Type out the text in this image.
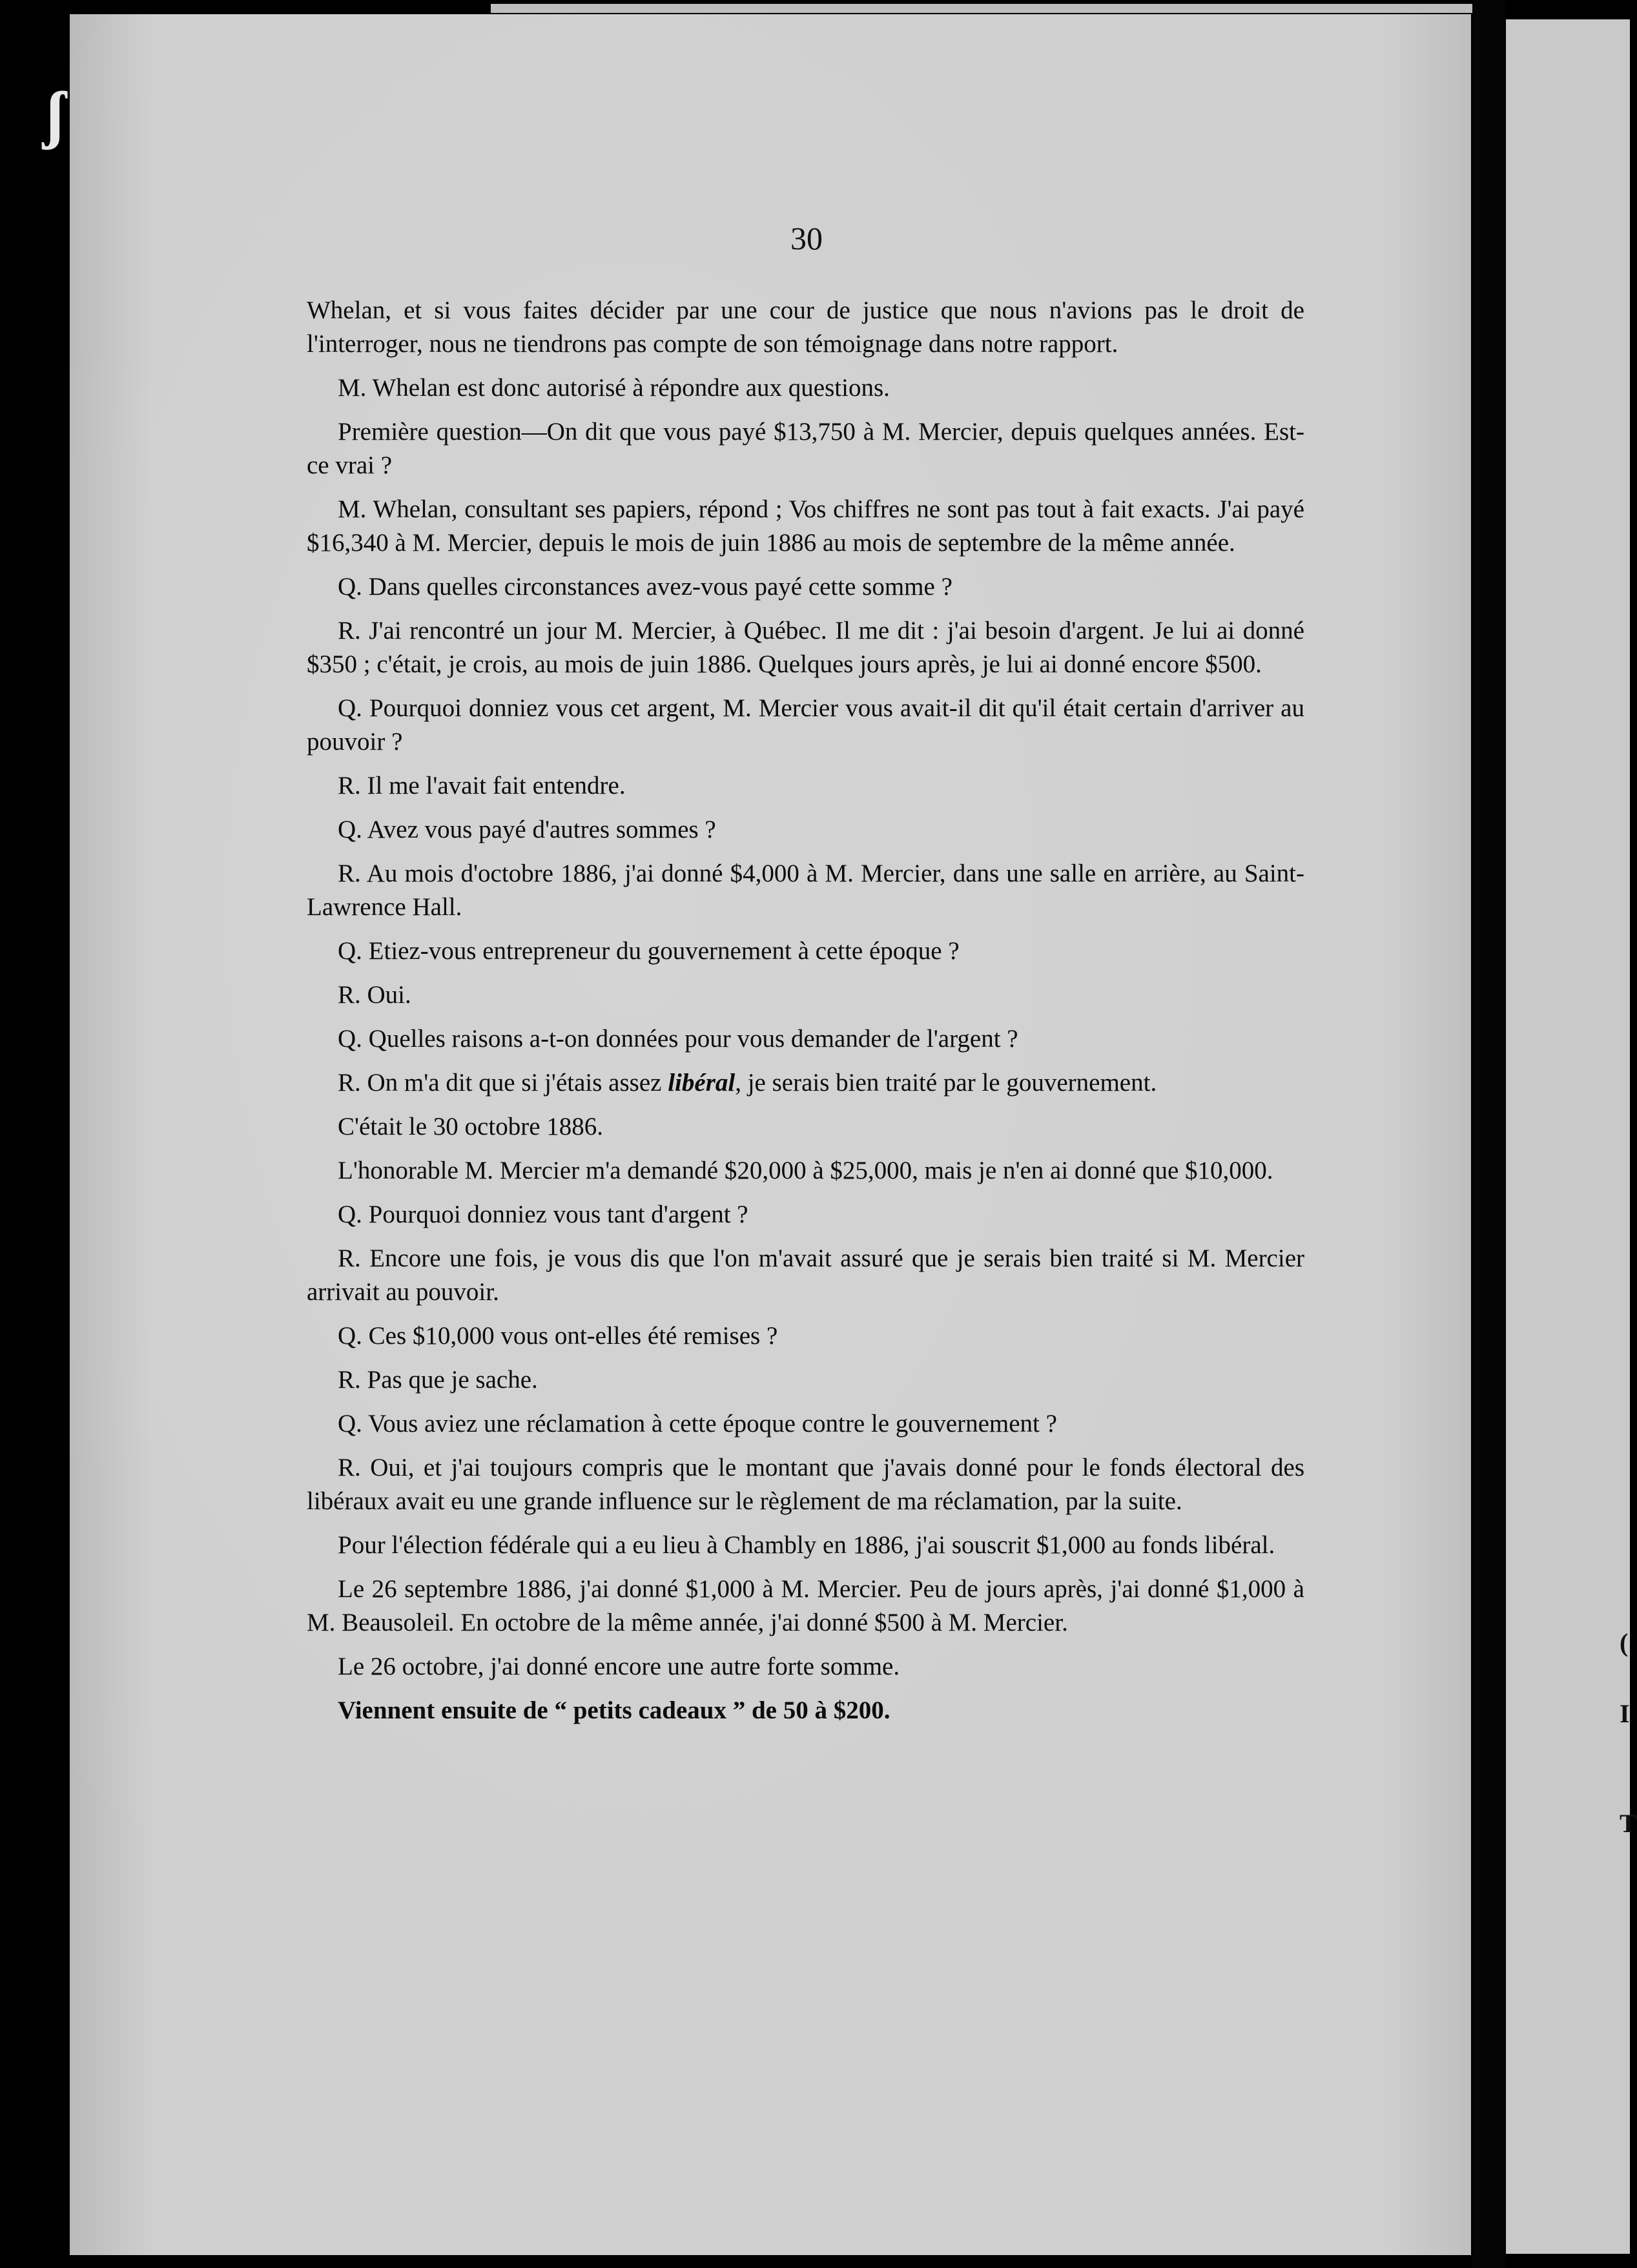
(
I
T
ʃ
30

Whelan, et si vous faites décider par une cour de justice que nous n'avions pas le droit de l'interroger, nous ne tiendrons pas compte de son témoignage dans notre rapport.

M. Whelan est donc autorisé à répondre aux questions.

Première question—On dit que vous payé $13,750 à M. Mercier, depuis quelques années. Est-ce vrai ?

M. Whelan, consultant ses papiers, répond ; Vos chiffres ne sont pas tout à fait exacts. J'ai payé $16,340 à M. Mercier, depuis le mois de juin 1886 au mois de septembre de la même année.

Q. Dans quelles circonstances avez-vous payé cette somme ?

R. J'ai rencontré un jour M. Mercier, à Québec. Il me dit : j'ai besoin d'argent. Je lui ai donné $350 ; c'était, je crois, au mois de juin 1886. Quelques jours après, je lui ai donné encore $500.

Q. Pourquoi donniez vous cet argent, M. Mercier vous avait-il dit qu'il était certain d'arriver au pouvoir ?

R. Il me l'avait fait entendre.

Q. Avez vous payé d'autres sommes ?

R. Au mois d'octobre 1886, j'ai donné $4,000 à M. Mercier, dans une salle en arrière, au Saint-Lawrence Hall.

Q. Etiez-vous entrepreneur du gouvernement à cette époque ?

R. Oui.

Q. Quelles raisons a-t-on données pour vous demander de l'argent ?

R. On m'a dit que si j'étais assez libéral, je serais bien traité par le gouvernement.

C'était le 30 octobre 1886.

L'honorable M. Mercier m'a demandé $20,000 à $25,000, mais je n'en ai donné que $10,000.

Q. Pourquoi donniez vous tant d'argent ?

R. Encore une fois, je vous dis que l'on m'avait assuré que je serais bien traité si M. Mercier arrivait au pouvoir.

Q. Ces $10,000 vous ont-elles été remises ?

R. Pas que je sache.

Q. Vous aviez une réclamation à cette époque contre le gouvernement ?

R. Oui, et j'ai toujours compris que le montant que j'avais donné pour le fonds électoral des libéraux avait eu une grande influence sur le règlement de ma réclamation, par la suite.

Pour l'élection fédérale qui a eu lieu à Chambly en 1886, j'ai souscrit $1,000 au fonds libéral.

Le 26 septembre 1886, j'ai donné $1,000 à M. Mercier. Peu de jours après, j'ai donné $1,000 à M. Beausoleil. En octobre de la même année, j'ai donné $500 à M. Mercier.

Le 26 octobre, j'ai donné encore une autre forte somme.

Viennent ensuite de “ petits cadeaux ” de 50 à $200.
